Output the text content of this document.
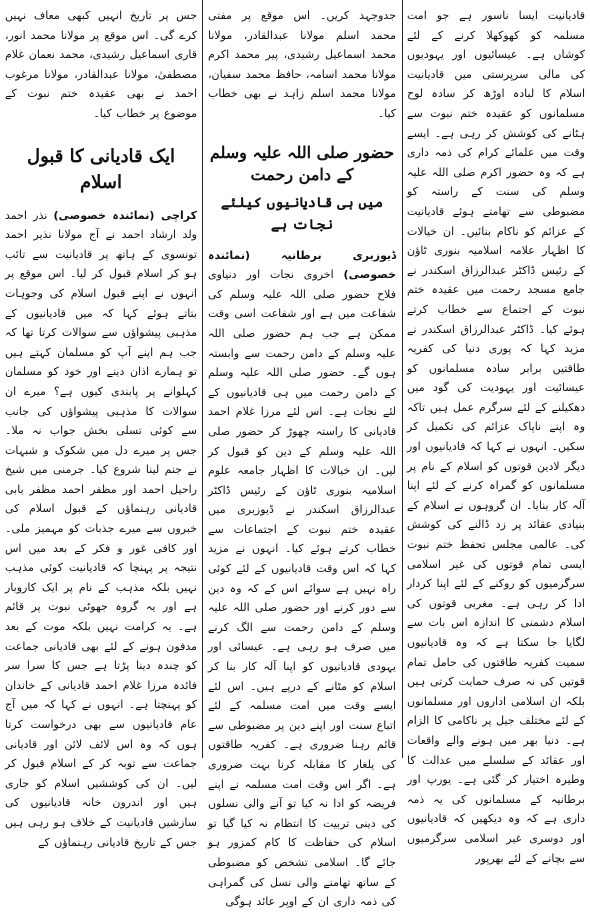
قادیانیت ایسا ناسور ہے جو امت مسلمہ کو کھوکھلا کرنے کے لئے کوشاں ہے۔ عیسائیوں اور یہودیوں کی مالی سرپرستی میں قادیانیت اسلام کا لبادہ اوڑھ کر سادہ لوح مسلمانوں کو عقیدہ ختم نبوت سے ہٹانے کی کوشش کر رہی ہے۔ ایسے وقت میں علمائے کرام کی ذمہ داری ہے کہ وہ حضور اکرم صلی اللہ علیہ وسلم کی سنت کے راستہ کو مضبوطی سے تھامتے ہوئے قادیانیت کے عزائم کو ناکام بنائیں۔ ان خیالات کا اظہار علامہ اسلامیہ بنوری ٹاؤن کے رئیس ڈاکٹر عبدالرزاق اسکندر نے جامع مسجد رحمت میں عقیدہ ختم نبوت کے اجتماع سے خطاب کرتے ہوئے کیا۔ ڈاکٹر عبدالرزاق اسکندر نے مزید کہا کہ پوری دنیا کی کفریہ طاقتیں برابر سادہ مسلمانوں کو عیسائیت اور یہودیت کی گود میں دھکیلنے کے لئے سرگرم عمل ہیں تاکہ وہ اپنے ناپاک عزائم کی تکمیل کر سکیں۔ انہوں نے کہا کہ قادیانیوں اور دیگر لادین قوتوں کو اسلام کے نام پر مسلمانوں کو گمراہ کرنے کے لئے اپنا آلہ کار بنایا۔ ان گروہوں نے اسلام کے بنیادی عقائد پر زد ڈالنے کی کوشش کی۔ عالمی مجلس تحفظ ختم نبوت ایسی تمام قوتوں کی غیر اسلامی سرگرمیوں کو روکنے کے لئے اپنا کردار ادا کر رہی ہے۔ مغربی قوتوں کی اسلام دشمنی کا اندازہ اس بات سے لگایا جا سکتا ہے کہ وہ قادیانیوں سمیت کفریہ طاقتوں کی حامل تمام قوتیں کی نہ صرف حمایت کرتی ہیں بلکہ ان اسلامی اداروں اور مسلمانوں کے لئے مختلف جیل پر ناکامی کا الزام ہے۔ دنیا بھر میں ہونے والے واقعات اور عقائد کے سلسلے میں عدالت کا وطیرہ اختیار کر گئی ہے۔ یورپ اور برطانیہ کے مسلمانوں کی یہ ذمہ داری ہے کہ وہ دیکھیں کہ قادیانیوں اور دوسری غیر اسلامی سرگرمیوں سے بچانے کے لئے بھرپور

جدوجہد کریں۔ اس موقع پر مفتی محمد اسلم مولانا عبدالقادر، مولانا محمد اسماعیل رشیدی، پیر محمد اکرم مولانا محمد اسامہ، حافظ محمد سفیان، مولانا محمد اسلم زاہد نے بھی خطاب کیا۔

حضور صلی اللہ علیہ وسلم کے دامن رحمت
میں ہی قادیانیوں کیلئے نجات ہے

ڈیوزبری برطانیہ (نمائندہ خصوصی) اخروی نجات اور دنیاوی فلاح حضور صلی اللہ علیہ وسلم کی شفاعت میں ہے اور شفاعت اسی وقت ممکن ہے جب ہم حضور صلی اللہ علیہ وسلم کے دامن رحمت سے وابستہ ہوں گے۔ حضور صلی اللہ علیہ وسلم کے دامن رحمت میں ہی قادیانیوں کے لئے نجات ہے۔ اس لئے مرزا غلام احمد قادیانی کا راستہ چھوڑ کر حضور صلی اللہ علیہ وسلم کے دین کو قبول کر لیں۔ ان خیالات کا اظہار جامعہ علوم اسلامیہ بنوری ٹاؤن کے رئیس ڈاکٹر عبدالرزاق اسکندر نے ڈیوزبری میں عقیدہ ختم نبوت کے اجتماعات سے خطاب کرتے ہوئے کیا۔ انہوں نے مزید کہا کہ اس وقت قادیانیوں کے لئے کوئی راہ نہیں ہے سوائے اس کے کہ وہ دین سے دور کرنے اور حضور صلی اللہ علیہ وسلم کے دامن رحمت سے الگ کرنے میں صرف ہو رہی ہے۔ عیسائی اور یہودی قادیانیوں کو اپنا آلہ کار بنا کر اسلام کو مٹانے کے درپے ہیں۔ اس لئے ایسے وقت میں امت مسلمہ کے لئے اتباع سنت اور اپنے دین پر مضبوطی سے قائم رہنا ضروری ہے۔ کفریہ طاقتوں کی یلغار کا مقابلہ کرنا بہت ضروری ہے۔ اگر اس وقت امت مسلمہ نے اپنے فریضہ کو ادا نہ کیا تو آنے والی نسلوں کی دینی تربیت کا انتظام نہ کیا گیا تو اسلام کی حفاظت کا کام کمزور ہو جائے گا۔ اسلامی تشخص کو مضبوطی کے ساتھ تھامنے والی نسل کی گمراہی کی ذمہ داری ان کے اوپر عائد ہوگی

جس پر تاریخ انہیں کبھی معاف نہیں کرے گی۔ اس موقع پر مولانا محمد انور، قاری اسماعیل رشیدی، محمد نعمان غلام مصطفیٰ، مولانا عبدالقادر، مولانا مرغوب احمد نے بھی عقیدہ ختم نبوت کے موضوع پر خطاب کیا۔

ایک قادیانی کا قبول اسلام

کراچی (نمائندہ خصوصی) نذر احمد ولد ارشاد احمد نے آج مولانا نذیر احمد تونسوی کے ہاتھ پر قادیانیت سے تائب ہو کر اسلام قبول کر لیا۔ اس موقع پر انہوں نے اپنے قبول اسلام کی وجوہات بتاتے ہوئے کہا کہ میں قادیانیوں کے مذہبی پیشواؤں سے سوالات کرتا تھا کہ جب ہم اپنے آپ کو مسلمان کہتے ہیں تو ہمارے اذان دینے اور خود کو مسلمان کہلوانے پر پابندی کیوں ہے؟ میرے ان سوالات کا مذہبی پیشواؤں کی جانب سے کوئی تسلی بخش جواب نہ ملا۔ جس پر میرے دل میں شکوک و شبہات نے جنم لینا شروع کیا۔ جرمنی میں شیخ راحیل احمد اور مظفر احمد مظفر بابی قادیانی رہنماؤں کے قبول اسلام کی خبروں سے میرے جذبات کو مہمیز ملی۔ اور کافی غور و فکر کے بعد میں اس نتیجہ پر پہنچا کہ قادیانیت کوئی مذہب نہیں بلکہ مذہب کے نام پر ایک کاروبار ہے اور یہ گروہ جھوٹی نبوت پر قائم ہے۔ یہ کرامت نہیں بلکہ موت کے بعد مدفون ہونے کے لئے بھی قادیانی جماعت کو چندہ دینا پڑتا ہے جس کا سرا سر فائدہ مرزا غلام احمد قادیانی کے خاندان کو پہنچتا ہے۔ انہوں نے کہا کہ میں آج عام قادیانیوں سے بھی درخواست کرتا ہوں کہ وہ اس لائف لائن اور قادیانی جماعت سے توبہ کر کے اسلام قبول کر لیں۔ ان کی کوششیں اسلام کو جاری ہیں اور اندرون خانہ قادیانیوں کی سازشیں قادیانیت کے خلاف ہو رہی ہیں جس کے تاریخ قادیانی رہنماؤں کے
